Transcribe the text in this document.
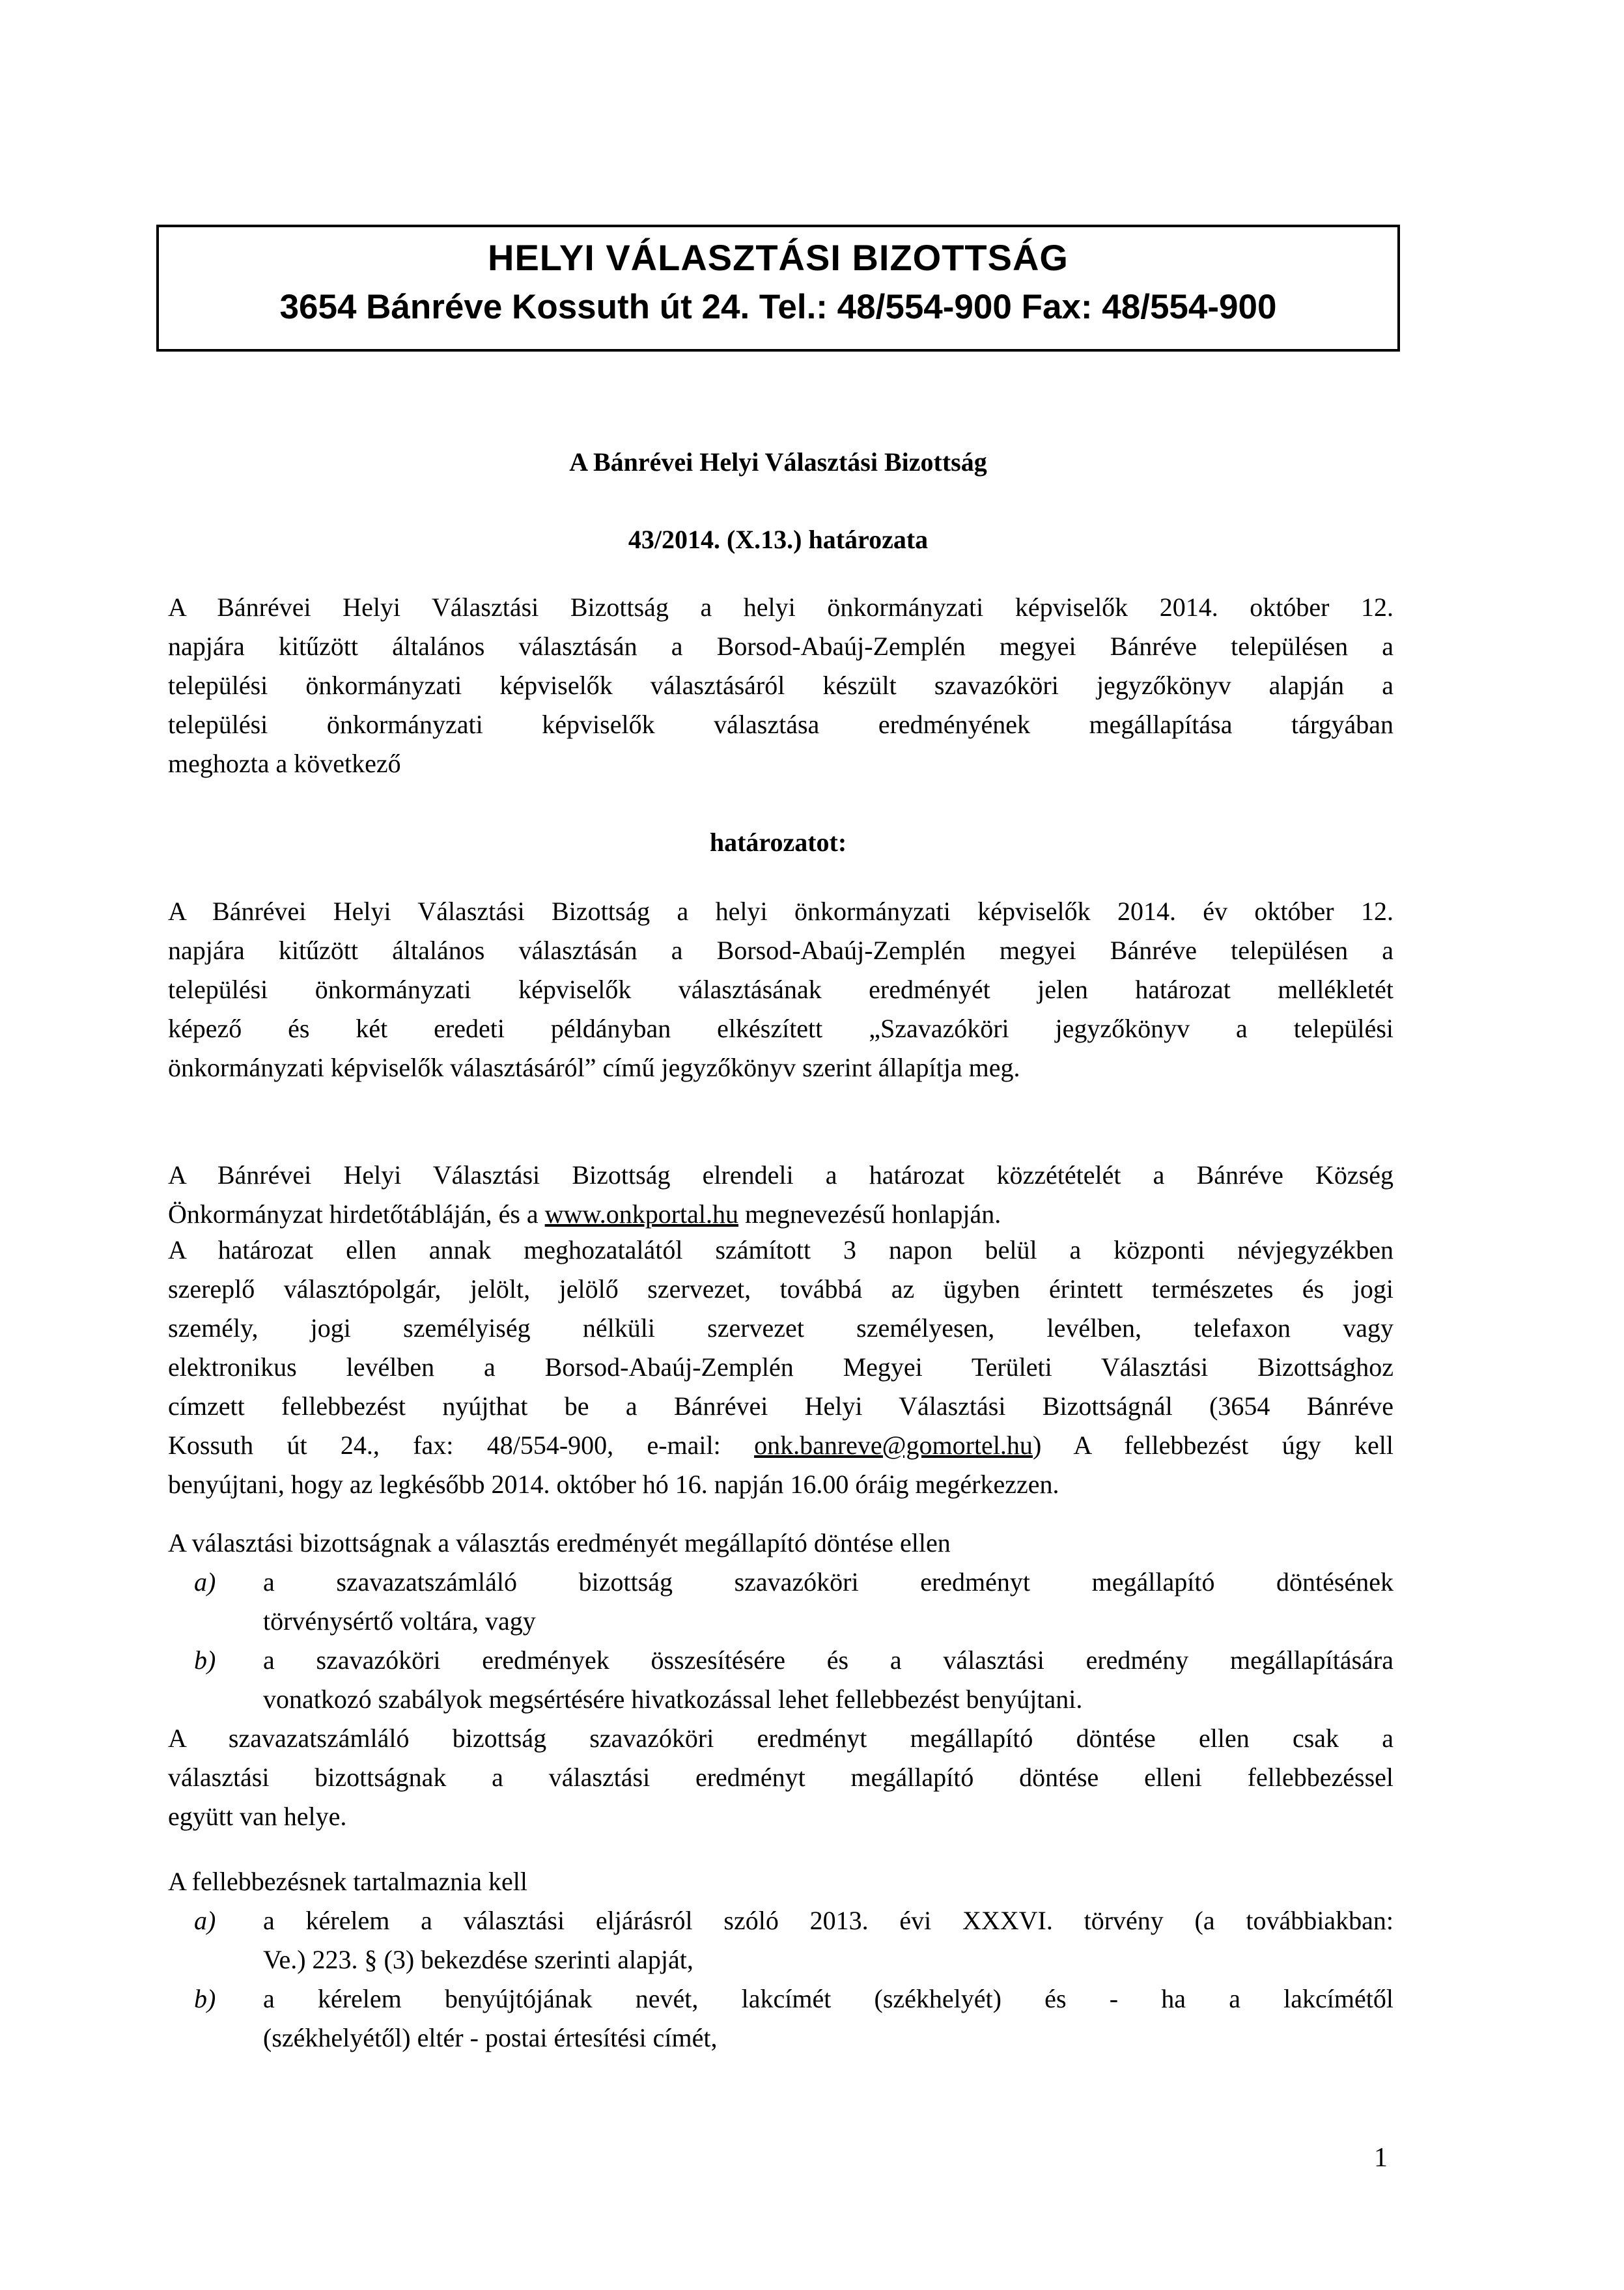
HELYI VÁLASZTÁSI BIZOTTSÁG
3654 Bánréve Kossuth út 24. Tel.: 48/554-900 Fax: 48/554-900
A Bánrévei Helyi Választási Bizottság
43/2014. (X.13.) határozata
A Bánrévei Helyi Választási Bizottság a helyi önkormányzati képviselők 2014. október 12.
napjára kitűzött általános választásán a Borsod-Abaúj-Zemplén megyei Bánréve településen a
települési önkormányzati képviselők választásáról készült szavazóköri jegyzőkönyv alapján a
települési önkormányzati képviselők választása eredményének megállapítása tárgyában
meghozta a következő
határozatot:
A Bánrévei Helyi Választási Bizottság a helyi önkormányzati képviselők 2014. év október 12.
napjára kitűzött általános választásán a Borsod-Abaúj-Zemplén megyei Bánréve településen a
települési önkormányzati képviselők választásának eredményét jelen határozat mellékletét
képező és két eredeti példányban elkészített „Szavazóköri jegyzőkönyv a települési
önkormányzati képviselők választásáról” című jegyzőkönyv szerint állapítja meg.
A Bánrévei Helyi Választási Bizottság elrendeli a határozat közzétételét a Bánréve Község
Önkormányzat hirdetőtábláján, és a www.onkportal.hu megnevezésű honlapján.
A határozat ellen annak meghozatalától számított 3 napon belül a központi névjegyzékben
szereplő választópolgár, jelölt, jelölő szervezet, továbbá az ügyben érintett természetes és jogi
személy, jogi személyiség nélküli szervezet személyesen, levélben, telefaxon vagy
elektronikus levélben a Borsod-Abaúj-Zemplén Megyei Területi Választási Bizottsághoz
címzett fellebbezést nyújthat be a Bánrévei Helyi Választási Bizottságnál (3654 Bánréve
Kossuth út 24., fax: 48/554-900, e-mail: onk.banreve@gomortel.hu) A fellebbezést úgy kell
benyújtani, hogy az legkésőbb 2014. október hó 16. napján 16.00 óráig megérkezzen.
A választási bizottságnak a választás eredményét megállapító döntése ellen
a) a szavazatszámláló bizottság szavazóköri eredményt megállapító döntésének
törvénysértő voltára, vagy
b) a szavazóköri eredmények összesítésére és a választási eredmény megállapítására
vonatkozó szabályok megsértésére hivatkozással lehet fellebbezést benyújtani.
A szavazatszámláló bizottság szavazóköri eredményt megállapító döntése ellen csak a
választási bizottságnak a választási eredményt megállapító döntése elleni fellebbezéssel
együtt van helye.
A fellebbezésnek tartalmaznia kell
a) a kérelem a választási eljárásról szóló 2013. évi XXXVI. törvény (a továbbiakban:
Ve.) 223. § (3) bekezdése szerinti alapját,
b) a kérelem benyújtójának nevét, lakcímét (székhelyét) és - ha a lakcímétől
(székhelyétől) eltér - postai értesítési címét,
1
